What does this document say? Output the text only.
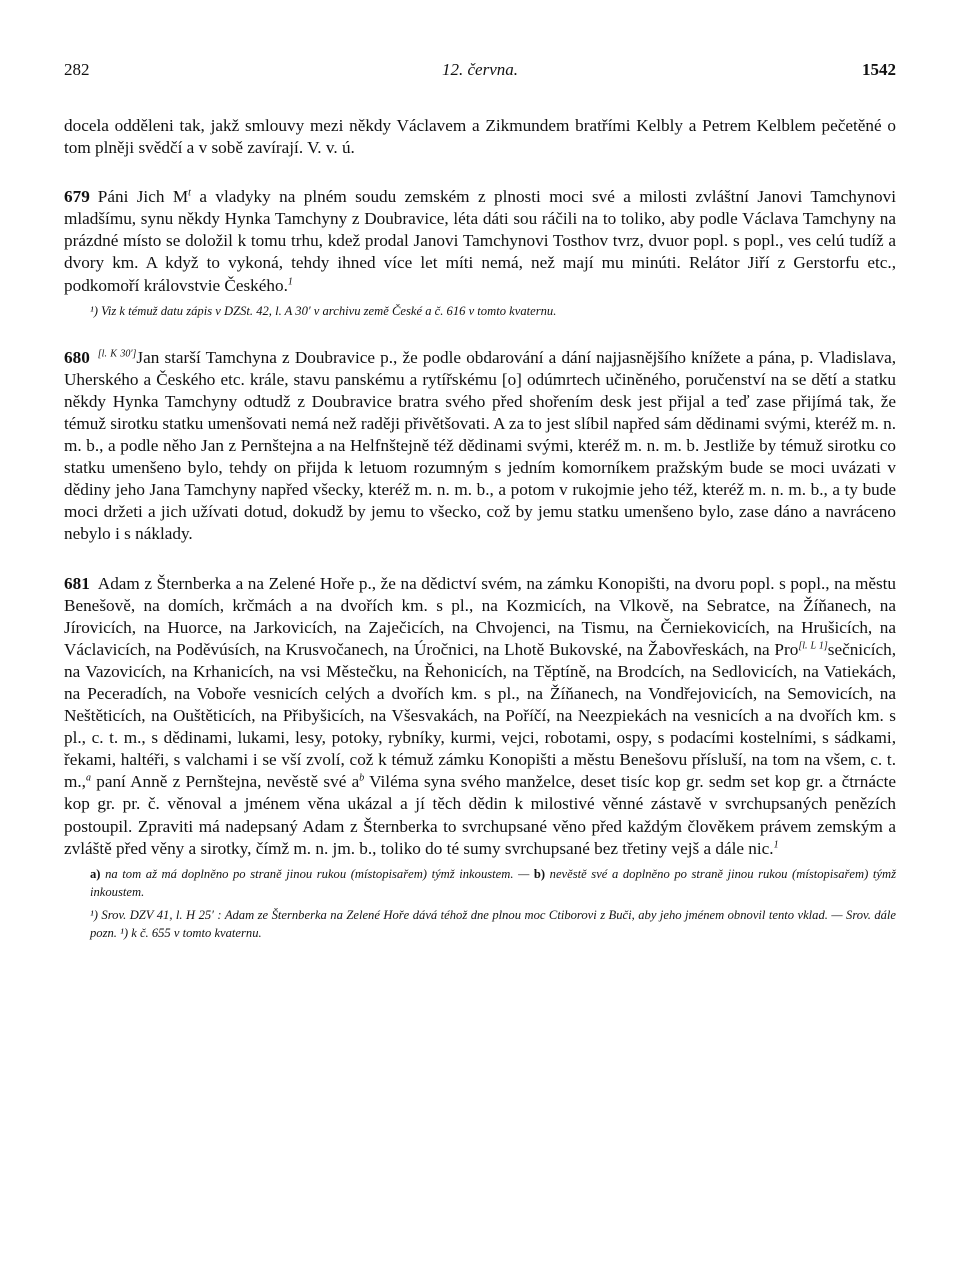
282	12. června.	1542

docela odděleni tak, jakž smlouvy mezi někdy Václavem a Zikmundem bratřími Kelbly a Petrem Kelblem pečetěné o tom plněji svědčí a v sobě zavírají. V. v. ú.

679 Páni Jich $M^t$ a vladyky na plném soudu zemském z plnosti moci své a milosti zvláštní Janovi Tamchynovi mladšímu, synu někdy Hynka Tamchyny z Doubravice, léta dáti sou ráčili na to toliko, aby podle Václava Tamchyny na prázdné místo se doložil k tomu trhu, kdež prodal Janovi Tamchynovi Tosthov tvrz, dvuor popl. s popl., ves celú tudíž a dvory km. A když to vykoná, tehdy ihned více let míti nemá, než mají mu minúti. Relátor Jiří z Gerstorfu etc., podkomoří královstvie Českého.$^1$

¹) Viz k témuž datu zápis v DZSt. 42, l. A 30′ v archivu země České a č. 616 v tomto kvaternu.

680 [l. K 30′]Jan starší Tamchyna z Doubravice p., že podle obdarování a dání najjasnějšího knížete a pána, p. Vladislava, Uherského a Českého etc. krále, stavu panskému a rytířskému [o] odúmrtech učiněného, poručenství na se dětí a statku někdy Hynka Tamchyny odtudž z Doubravice bratra svého před shořením desk jest přijal a teď zase přijímá tak, že témuž sirotku statku umenšovati nemá než raději přivětšovati. A za to jest slíbil napřed sám dědinami svými, kteréž m. n. m. b., a podle něho Jan z Pernštejna a na Helfnštejně též dědinami svými, kteréž m. n. m. b. Jestliže by témuž sirotku co statku umenšeno bylo, tehdy on přijda k letuom rozumným s jedním komorníkem pražským bude se moci uvázati v dědiny jeho Jana Tamchyny napřed všecky, kteréž m. n. m. b., a potom v rukojmie jeho též, kteréž m. n. m. b., a ty bude moci držeti a jich užívati dotud, dokudž by jemu to všecko, což by jemu statku umenšeno bylo, zase dáno a navráceno nebylo i s náklady.

681 Adam z Šternberka a na Zelené Hoře p., že na dědictví svém, na zámku Konopišti, na dvoru popl. s popl., na městu Benešově, na domích, krčmách a na dvořích km. s pl., na Kozmicích, na Vlkově, na Sebratce, na Žíňanech, na Jírovicích, na Huorce, na Jarkovicích, na Zaječicích, na Chvojenci, na Tismu, na Černiekovicích, na Hrušicích, na Václavicích, na Poděvúsích, na Krusvočanech, na Úročnici, na Lhotě Bukovské, na Žabovřeskách, na Pro[l. L 1]sečnicích, na Vazovicích, na Krhanicích, na vsi Městečku, na Řehonicích, na Těptíně, na Brodcích, na Sedlovicích, na Vatiekách, na Peceradích, na Vobořе vesnicích celých a dvořích km. s pl., na Žíňanech, na Vondřejovicích, na Semovicích, na Neštěticích, na Ouštěticích, na Přibyšicích, na Všesvakách, na Poříčí, na Neezpiekách na vesnicích a na dvořích km. s pl., c. t. m., s dědinami, lukami, lesy, potoky, rybníky, kurmi, vejci, robotami, ospy, s podacími kostelními, s sádkami, řekami, haltéři, s valchami i se vší zvolí, což k témuž zámku Konopišti a městu Benešovu přísluší, na tom na všem, c. t. m.,$^a$ paní Anně z Pernštejna, nevěstě své $a^b$ Viléma syna svého manželce, deset tisíc kop gr. sedm set kop gr. a čtrnácte kop gr. pr. č. věnoval a jménem věna ukázal a jí těch dědin k milostivé věnné zástavě v svrchupsaných penězích postoupil. Zpraviti má nadepsaný Adam z Šternberka to svrchupsané věno před každým člověkem právem zemským a zvláště před věny a sirotky, čímž m. n. jm. b., toliko do té sumy svrchupsané bez třetiny vejš a dále nic.$^1$

a) na tom až má doplněno po straně jinou rukou (místopisařem) týmž inkoustem. — b) nevěstě své a doplněno po straně jinou rukou (místopisařem) týmž inkoustem.

¹) Srov. DZV 41, l. H 25′ : Adam ze Šternberka na Zelené Hoře dává téhož dne plnou moc Ctiborovi z Buči, aby jeho jménem obnovil tento vklad. — Srov. dále pozn. ¹) k č. 655 v tomto kvaternu.
